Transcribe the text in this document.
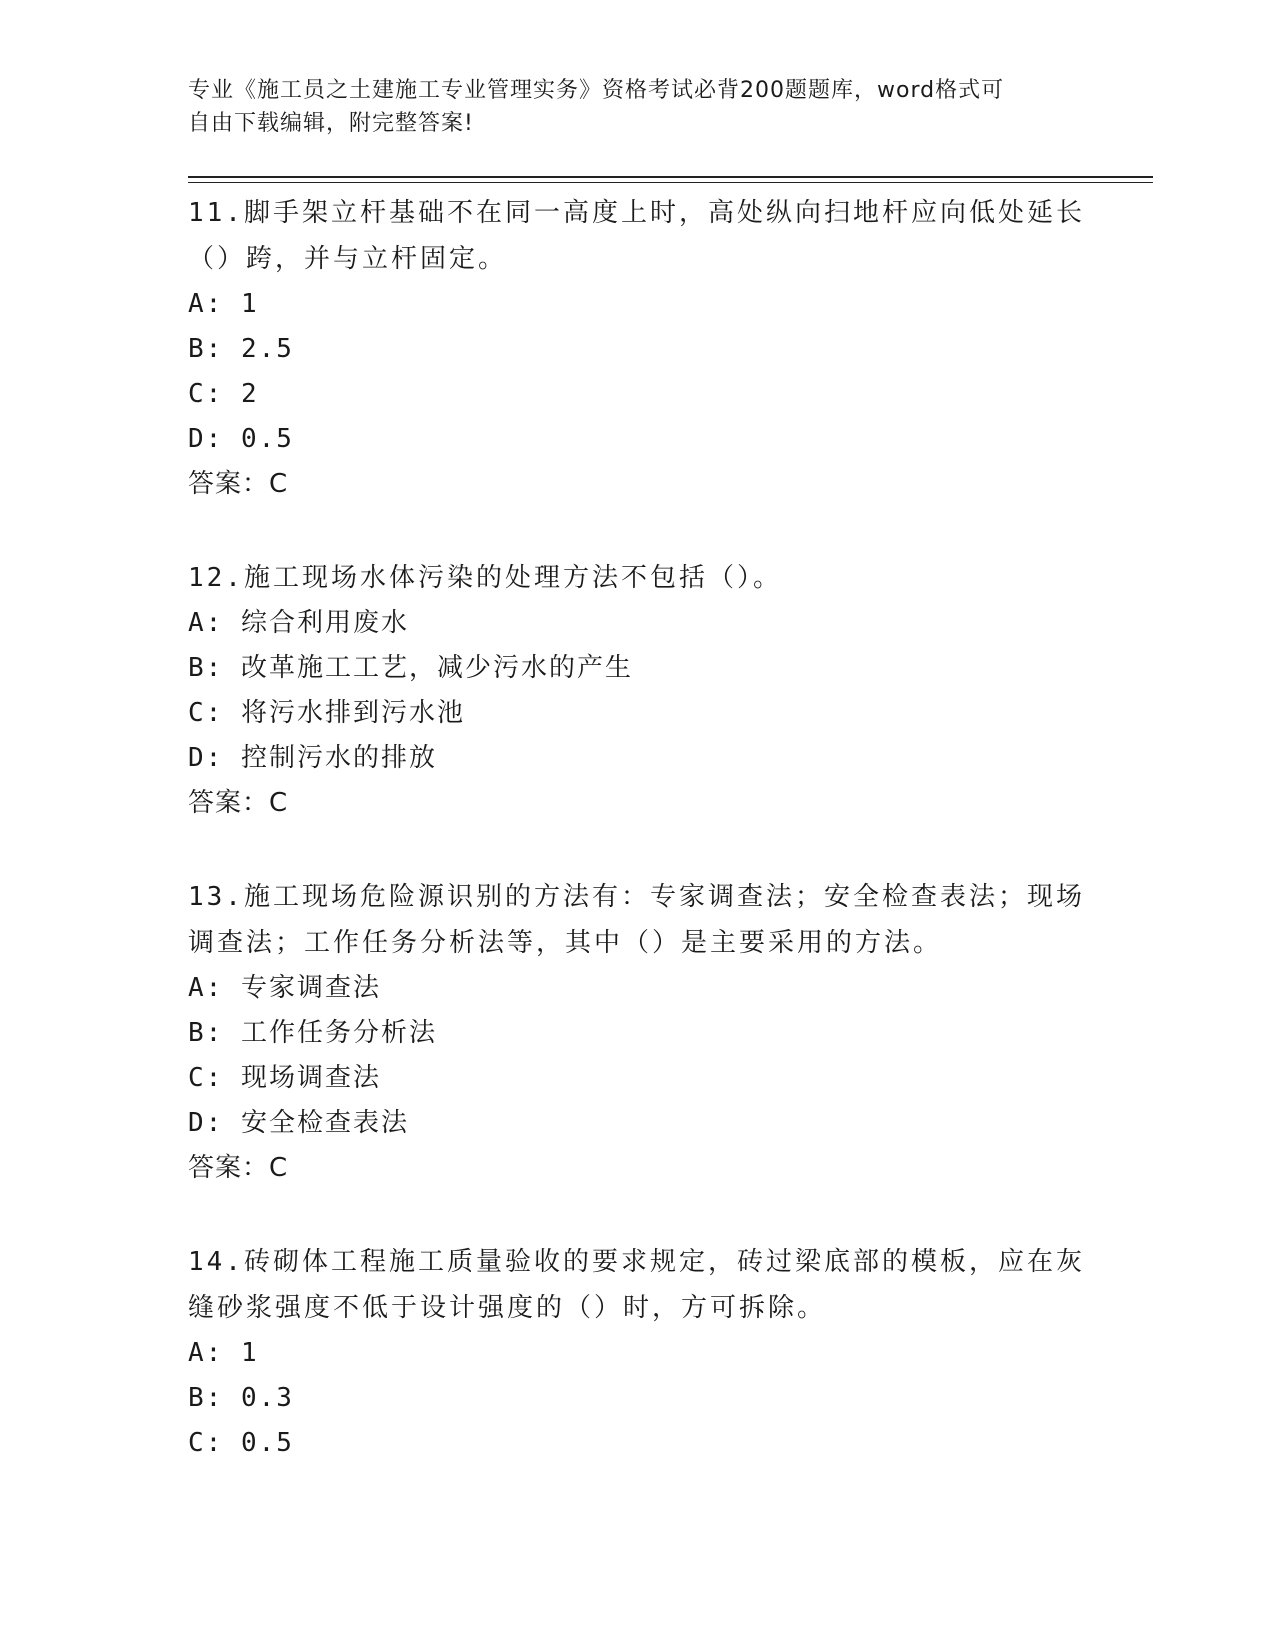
专业《施工员之土建施工专业管理实务》资格考试必背200题题库，word格式可
自由下载编辑，附完整答案!

11.脚手架立杆基础不在同一高度上时，高处纵向扫地杆应向低处延长（）跨，并与立杆固定。

A: 1

B: 2.5

C: 2

D: 0.5

答案：C

12.施工现场水体污染的处理方法不包括（）。

A: 综合利用废水

B: 改革施工工艺，减少污水的产生

C: 将污水排到污水池

D: 控制污水的排放

答案：C

13.施工现场危险源识别的方法有：专家调查法；安全检查表法；现场调查法；工作任务分析法等，其中（）是主要采用的方法。

A: 专家调查法

B: 工作任务分析法

C: 现场调查法

D: 安全检查表法

答案：C

14.砖砌体工程施工质量验收的要求规定，砖过梁底部的模板，应在灰缝砂浆强度不低于设计强度的（）时，方可拆除。

A: 1

B: 0.3

C: 0.5
